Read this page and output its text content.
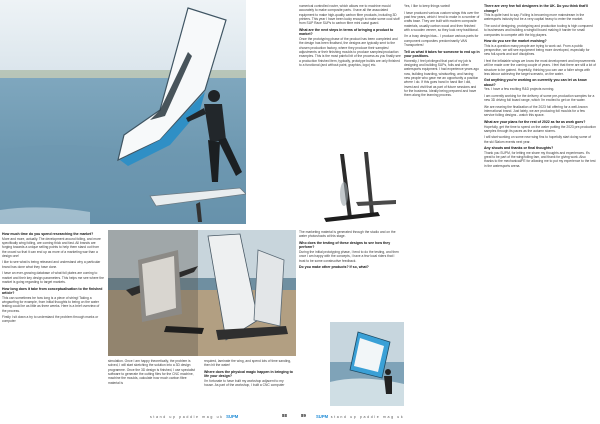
How much time do you spend researching the market?

More and more, actually. The development around foiling, and more specifically wing foiling, are coming thick and fast. All brands are forging towards a unique selling points to help them stand out from the crowd so that it can end up as more of a marketing war than a design one!

I like to see what is being released and understand why a particular brand has done what they have done.

I have an ever-growing database of what foil plates are coming to market and their key design parameters. This helps me see where the market is going regarding to target markets.

How long does it take from conceptualisation to the finished article?

This can sometimes be how long is a piece of string! Taking a wingsurfing for example, from initial thoughts to being on the water testing could be as little as three weeks. Here is a brief overview of the process.

Firstly I sit down a try to understand the problem through marks or computer

simulation. Once I am happy theoretically, the problem is solved, I will start sketching the solution into a 3D design programme. Once the 3D design is finished, I use specialist software to generate the cutting files for the CNC machine, machine the moulds, calculate how much carbon fibre material is

required, laminate the wing, and spend lots of time sanding, then hit the water!

Where does the physical magic happen in bringing to life your design?

I'm fortunate to have built my workshop adjacent to my house. As part of the workshop, I built a CNC computer

numerical controlled router, which allows me to machine mould accurately to make composite parts. I have all the associated equipment to make high-quality carbon fibre products, including 3D printers. This year I have been lucky enough to make some cool stuff from SUP Race SUPs to carbon fibre mini coast guard.

What are the next steps in terms of bringing a product to market?

Once the prototyping phase of the product has been completed and the design has been finalised, the designs are typically sent to the chosen production factory, where they produce their samples/ adjustments or their finishing moulds to produce samples/production examples. This is the most painful bit of the process as you finally see a production finished item, typically, prototype builds are only finished to a functional (and without paint, graphics, logo) etc.

There are very few foil designers in the UK. Do you think that'll change?

This is quite hard to say. Foiling is becoming more mainstream in the watersports industry but be a very capital heavy to enter the market.

The cost of designing, prototyping and production tooling is high compared to businesses and building a wingfoil board making it harder for small companies to compete with the big players.

How do you see the market evolving?

This is a question many people are trying to work out. From a public perspective, we will see equipment being more developed, especially for new foil-sports and surf disciplines.

I feel the inflatable wings we know the most development and improvements will be made over the coming couple of years. I feel that there are still a lot of structure to be gained. Hopefully, thinking you can use a foiler wings with less labour achieving the target scenario, on the water.

Got anything you're working on currently you can let us know about?

Yes. I have a few exciting R&D projects running.

I am currently working for the delivery of some pre-production samples for a new 3D driving foil board range, which I'm excited to get on the water.

We are nearing the finalization of the 2023 foil offering for a well-known international brand. Just lately, we are producing foil moulds for a few service foiling designs - watch this space.

What are your plans for the rest of 2022 as far as work goes?

Hopefully, get the time to spend on the water putting the 2023 pre-production samples through its paces as the autumn storms.

I will start working on some new wing fins to hopefully start doing some of the ski Slalom events next year.

Any shouts and thanks or final thoughts?

Thank you SUPM, for letting me share my thoughts and experiences. It's great to be part of the wing/foiling fam, and thank for giving work. Also thanks to the mechanical/FE for allowing me to put my experience to the test in the watersports arena.

The marketing material is generated through the studio and on the water photoshoots at this stage.

Who does the testing of these designs to see how they perform?

During the initial prototyping phase, I tend to do the testing, and then once I am happy with the concepts, I have a few local riders that I trust to be some constructive feedback.

Do you make other products? If so, what?

Yes, I like to keep things varied!

I have produced various custom wings this over the past few years, which I tend to make in a number of crafts base. They are built with modern composite materials, usually carbon wood and then finished with a wooden veneer, so they look very traditional.

I'm a busy design bias... I produce various parts for component composites predominantly VAN Transporters!

Tell us what it takes for someone to end up in your positions.

Honestly, I feel privileged that part of my job is designing and building SUPs, foils and other watersports equipment. I had experience years ago now, building boarding, windsurfing, and having new people who gave me an opportunity a position where I do. If this goes hand in hand like I did, invest and visit that as part of future sessions and for the business. Ideally being prepared and have them along the learning process.

stand up paddle mag uk SUPM	88	89 SUPM stand up paddle mag uk
